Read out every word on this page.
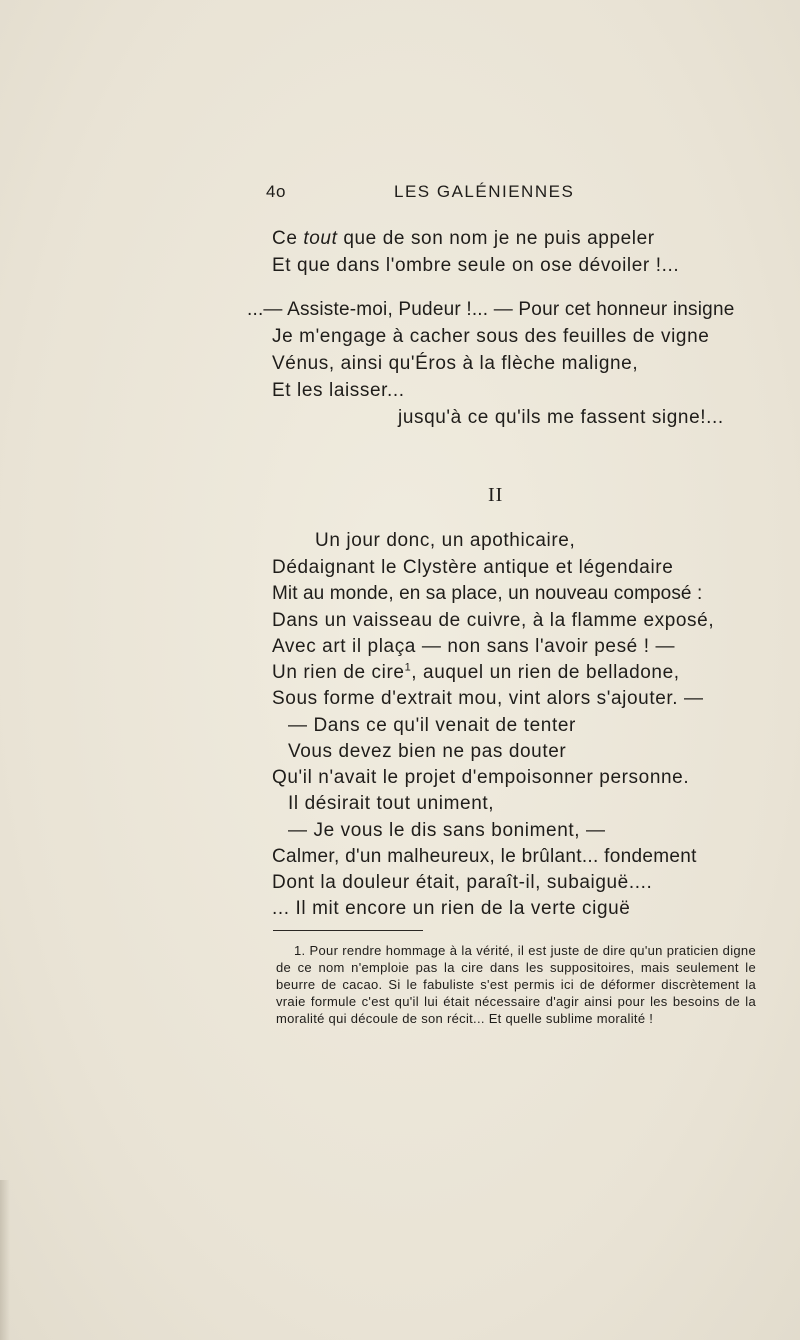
4o	LES GALÉNIENNES
Ce tout que de son nom je ne puis appeler
Et que dans l'ombre seule on ose dévoiler !...
...— Assiste-moi, Pudeur !... — Pour cet honneur insigne
Je m'engage à cacher sous des feuilles de vigne
Vénus, ainsi qu'Éros à la flèche maligne,
Et les laisser...
jusqu'à ce qu'ils me fassent signe!...
II
Un jour donc, un apothicaire,
Dédaignant le Clystère antique et légendaire
Mit au monde, en sa place, un nouveau composé :
Dans un vaisseau de cuivre, à la flamme exposé,
Avec art il plaça — non sans l'avoir pesé ! —
Un rien de cire$^1$, auquel un rien de belladone,
Sous forme d'extrait mou, vint alors s'ajouter. —
— Dans ce qu'il venait de tenter
Vous devez bien ne pas douter
Qu'il n'avait le projet d'empoisonner personne.
Il désirait tout uniment,
— Je vous le dis sans boniment, —
Calmer, d'un malheureux, le brûlant... fondement
Dont la douleur était, paraît-il, subaiguë....
... Il mit encore un rien de la verte ciguë
1. Pour rendre hommage à la vérité, il est juste de dire qu'un praticien digne de ce nom n'emploie pas la cire dans les suppositoires, mais seulement le beurre de cacao. Si le fabuliste s'est permis ici de déformer discrètement la vraie formule c'est qu'il lui était nécessaire d'agir ainsi pour les besoins de la moralité qui découle de son récit... Et quelle sublime moralité !
